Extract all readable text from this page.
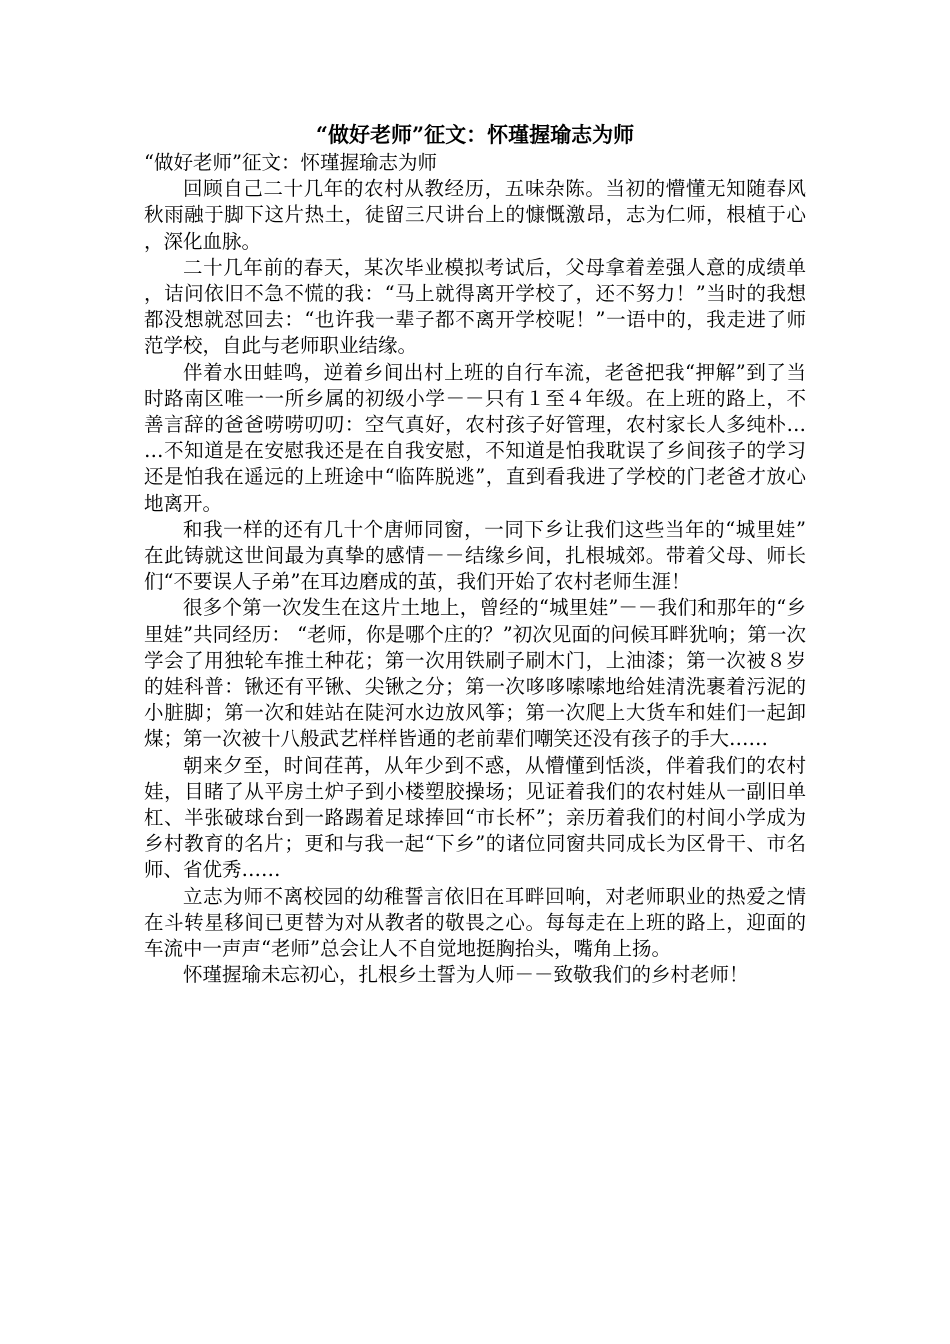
“做好老师”征文：怀瑾握瑜志为师

“做好老师”征文：怀瑾握瑜志为师

回顾自己二十几年的农村从教经历，五味杂陈。当初的懵懂无知随春风秋雨融于脚下这片热土，徒留三尺讲台上的慷慨激昂，志为仁师，根植于心，深化血脉。

二十几年前的春天，某次毕业模拟考试后，父母拿着差强人意的成绩单，诘问依旧不急不慌的我：“马上就得离开学校了，还不努力！”当时的我想都没想就怼回去：“也许我一辈子都不离开学校呢！”一语中的，我走进了师范学校，自此与老师职业结缘。

伴着水田蛙鸣，逆着乡间出村上班的自行车流，老爸把我“押解”到了当时路南区唯一一所乡属的初级小学－－只有１至４年级。在上班的路上，不善言辞的爸爸唠唠叨叨：空气真好，农村孩子好管理，农村家长人多纯朴……不知道是在安慰我还是在自我安慰，不知道是怕我耽误了乡间孩子的学习还是怕我在遥远的上班途中“临阵脱逃”，直到看我进了学校的门老爸才放心地离开。

和我一样的还有几十个唐师同窗，一同下乡让我们这些当年的“城里娃”在此铸就这世间最为真挚的感情－－结缘乡间，扎根城郊。带着父母、师长们“不要误人子弟”在耳边磨成的茧，我们开始了农村老师生涯！

很多个第一次发生在这片土地上，曾经的“城里娃”－－我们和那年的“乡里娃”共同经历： “老师，你是哪个庄的？”初次见面的问候耳畔犹响；第一次学会了用独轮车推土种花；第一次用铁刷子刷木门，上油漆；第一次被８岁的娃科普：锹还有平锹、尖锹之分；第一次哆哆嗦嗦地给娃清洗裹着污泥的小脏脚；第一次和娃站在陡河水边放风筝；第一次爬上大货车和娃们一起卸煤；第一次被十八般武艺样样皆通的老前辈们嘲笑还没有孩子的手大……

朝来夕至，时间荏苒，从年少到不惑，从懵懂到恬淡，伴着我们的农村娃，目睹了从平房土炉子到小楼塑胶操场；见证着我们的农村娃从一副旧单杠、半张破球台到一路踢着足球捧回“市长杯”；亲历着我们的村间小学成为乡村教育的名片；更和与我一起“下乡”的诸位同窗共同成长为区骨干、市名师、省优秀……

立志为师不离校园的幼稚誓言依旧在耳畔回响，对老师职业的热爱之情在斗转星移间已更替为对从教者的敬畏之心。每每走在上班的路上，迎面的车流中一声声“老师”总会让人不自觉地挺胸抬头，嘴角上扬。

怀瑾握瑜未忘初心，扎根乡土誓为人师－－致敬我们的乡村老师！
